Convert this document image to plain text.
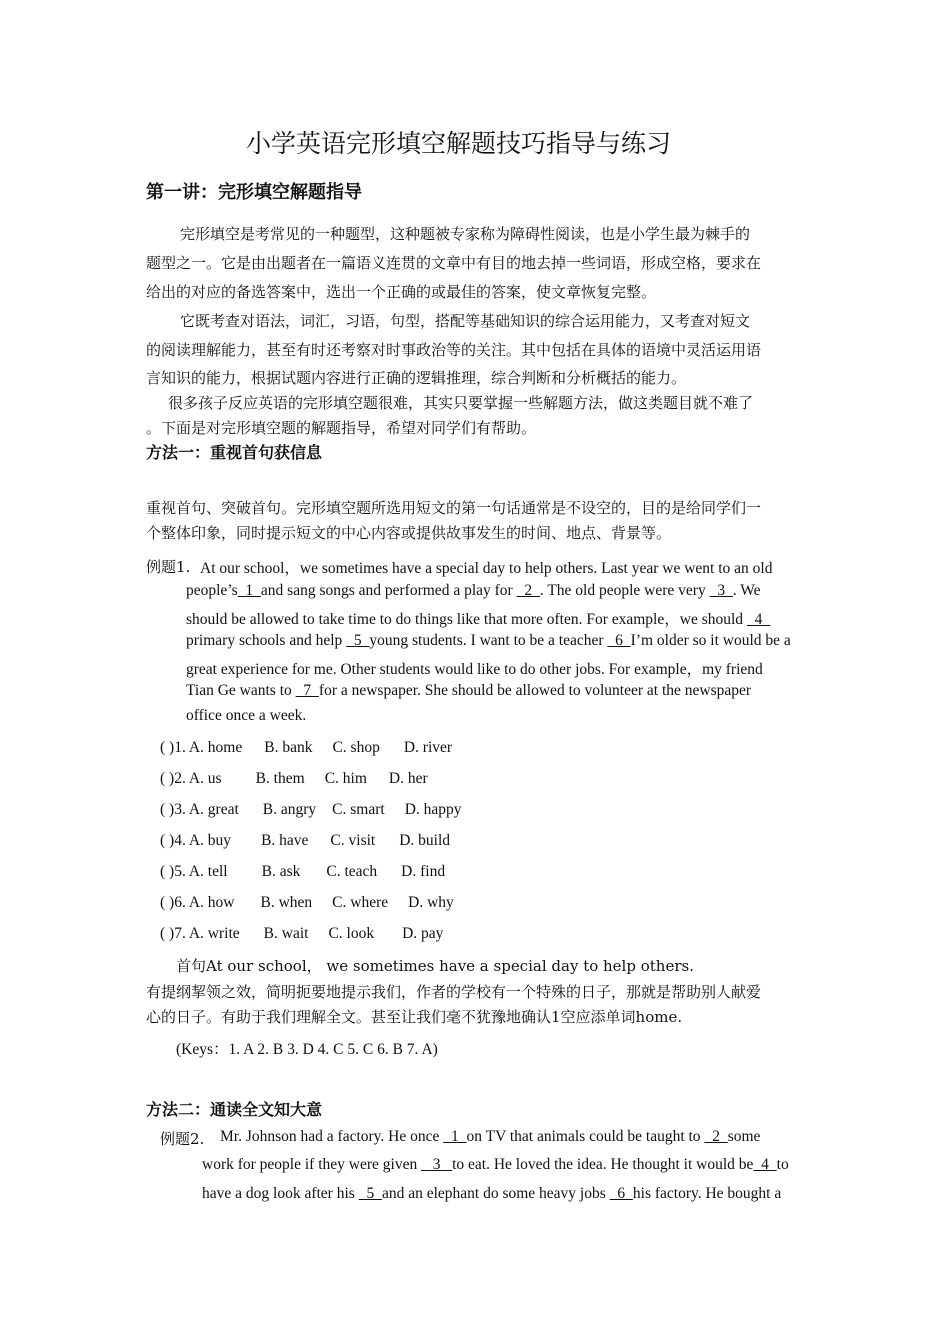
小学英语完形填空解题技巧指导与练习
第一讲：完形填空解题指导
完形填空是考常见的一种题型，这种题被专家称为障碍性阅读，也是小学生最为棘手的
题型之一。它是由出题者在一篇语义连贯的文章中有目的地去掉一些词语，形成空格，要求在
给出的对应的备选答案中，选出一个正确的或最佳的答案，使文章恢复完整。
它既考查对语法，词汇，习语，句型，搭配等基础知识的综合运用能力，又考查对短文
的阅读理解能力，甚至有时还考察对时事政治等的关注。其中包括在具体的语境中灵活运用语
言知识的能力，根据试题内容进行正确的逻辑推理，综合判断和分析概括的能力。
很多孩子反应英语的完形填空题很难，其实只要掌握一些解题方法，做这类题目就不难了
。下面是对完形填空题的解题指导，希望对同学们有帮助。
方法一：重视首句获信息
重视首句、突破首句。完形填空题所选用短文的第一句话通常是不设空的，目的是给同学们一
个整体印象，同时提示短文的中心内容或提供故事发生的时间、地点、背景等。
例题1. At our school，we sometimes have a special day to help others. Last year we went to an old
people’s  1  and sang songs and performed a play for   2  . The old people were very   3  . We
should be allowed to take time to do things like that more often. For example，we should   4
primary schools and help   5  young students. I want to be a teacher   6  I’m older so it would be a
great experience for me. Other students would like to do other jobs. For example，my friend
Tian Ge wants to   7  for a newspaper. She should be allowed to volunteer at the newspaper
office once a week.
( )1. A. home B. bank C. shop D. river
( )2. A. us B. them C. him D. her
( )3. A. great B. angry C. smart D. happy
( )4. A. buy B. have C. visit D. build
( )5. A. tell B. ask C. teach D. find
( )6. A. how B. when C. where D. why
( )7. A. write B. wait C. look D. pay
首句At our school， we sometimes have a special day to help others.
有提纲挈领之效，简明扼要地提示我们，作者的学校有一个特殊的日子，那就是帮助别人献爱
心的日子。有助于我们理解全文。甚至让我们毫不犹豫地确认1空应添单词home.
(Keys：1. A 2. B 3. D 4. C 5. C 6. B 7. A)
方法二：通读全文知大意
例题2. Mr. Johnson had a factory. He once   1  on TV that animals could be taught to   2  some
work for people if they were given    3   to eat. He loved the idea. He thought it would be  4  to
have a dog look after his   5  and an elephant do some heavy jobs   6  his factory. He bought a
